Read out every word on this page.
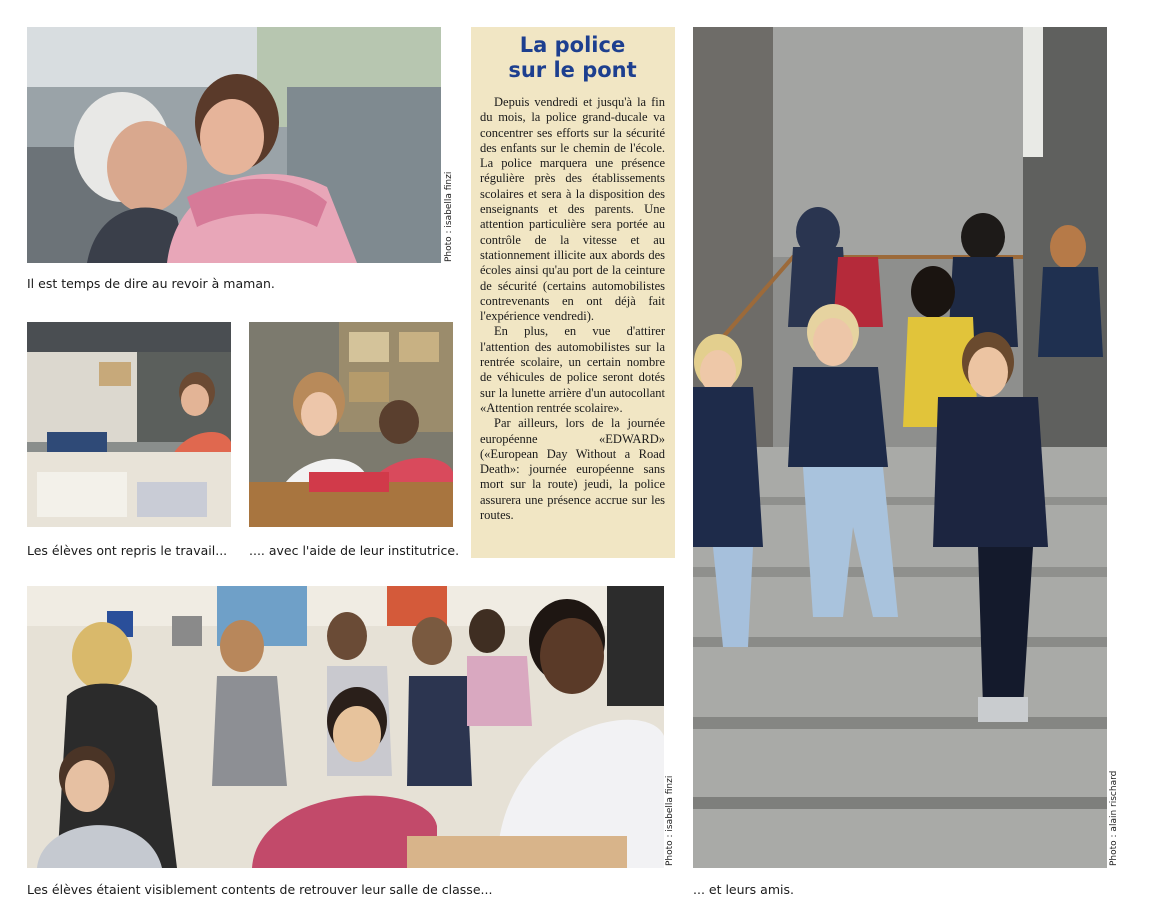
Photo : isabella finzi
Il est temps de dire au revoir à maman.
Les élèves ont repris le travail... .... avec l'aide de leur institutrice.
La police
sur le pont

Depuis vendredi et jusqu'à la fin du mois, la police grand-ducale va concentrer ses efforts sur la sécurité des enfants sur le chemin de l'école. La police marquera une présence régulière près des établissements scolaires et sera à la disposition des enseignants et des parents. Une attention particulière sera portée au contrôle de la vitesse et au stationnement illicite aux abords des écoles ainsi qu'au port de la ceinture de sécurité (certains automobilistes contrevenants en ont déjà fait l'expérience vendredi).

En plus, en vue d'attirer l'attention des automobilistes sur la rentrée scolaire, un certain nombre de véhicules de police seront dotés sur la lunette arrière d'un autocollant «Attention rentrée scolaire».

Par ailleurs, lors de la journée européenne «EDWARD» («European Day Without a Road Death»: journée européenne sans mort sur la route) jeudi, la police assurera une présence accrue sur les routes.

Photo : isabella finzi
Les élèves étaient visiblement contents de retrouver leur salle de classe...
Photo : alain rischard
... et leurs amis.
